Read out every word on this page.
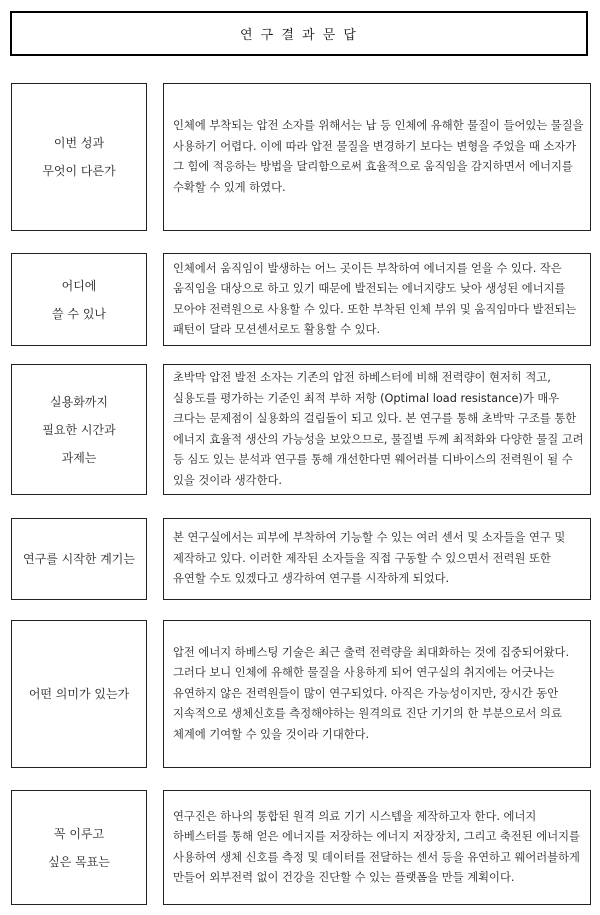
연 구 결 과 문 답
이번 성과
무엇이 다른가
인체에 부착되는 압전 소자를 위해서는 납 등 인체에 유해한 물질이 들어있는 물질을 사용하기 어렵다. 이에 따라 압전 물질을 변경하기 보다는 변형을 주었을 때 소자가 그 힘에 적응하는 방법을 달리함으로써 효율적으로 움직임을 감지하면서 에너지를 수확할 수 있게 하였다.
어디에
쓸 수 있나
인체에서 움직임이 발생하는 어느 곳이든 부착하여 에너지를 얻을 수 있다. 작은 움직임을 대상으로 하고 있기 때문에 발전되는 에너지량도 낮아 생성된 에너지를 모아야 전력원으로 사용할 수 있다. 또한 부착된 인체 부위 및 움직임마다 발전되는 패턴이 달라 모션센서로도 활용할 수 있다.
실용화까지
필요한 시간과
과제는
초박막 압전 발전 소자는 기존의 압전 하베스터에 비해 전력량이 현저히 적고, 실용도를 평가하는 기준인 최적 부하 저항 (Optimal load resistance)가 매우 크다는 문제점이 실용화의 걸림돌이 되고 있다. 본 연구를 통해 초박막 구조를 통한 에너지 효율적 생산의 가능성을 보았으므로, 물질별 두께 최적화와 다양한 물질 고려 등 심도 있는 분석과 연구를 통해 개선한다면 웨어러블 디바이스의 전력원이 될 수 있을 것이라 생각한다.
연구를 시작한 계기는
본 연구실에서는 피부에 부착하여 기능할 수 있는 여러 센서 및 소자들을 연구 및 제작하고 있다. 이러한 제작된 소자들을 직접 구동할 수 있으면서 전력원 또한 유연할 수도 있겠다고 생각하여 연구를 시작하게 되었다.
어떤 의미가 있는가
압전 에너지 하베스팅 기술은 최근 출력 전력량을 최대화하는 것에 집중되어왔다. 그러다 보니 인체에 유해한 물질을 사용하게 되어 연구실의 취지에는 어긋나는 유연하지 않은 전력원들이 많이 연구되었다. 아직은 가능성이지만, 장시간 동안 지속적으로 생체신호를 측정해야하는 원격의료 진단 기기의 한 부분으로서 의료 체계에 기여할 수 있을 것이라 기대한다.
꼭 이루고
싶은 목표는
연구진은 하나의 통합된 원격 의료 기기 시스템을 제작하고자 한다. 에너지 하베스터를 통해 얻은 에너지를 저장하는 에너지 저장장치, 그리고 축전된 에너지를 사용하여 생체 신호를 측정 및 데이터를 전달하는 센서 등을 유연하고 웨어러블하게 만들어 외부전력 없이 건강을 진단할 수 있는 플랫폼을 만들 계획이다.
